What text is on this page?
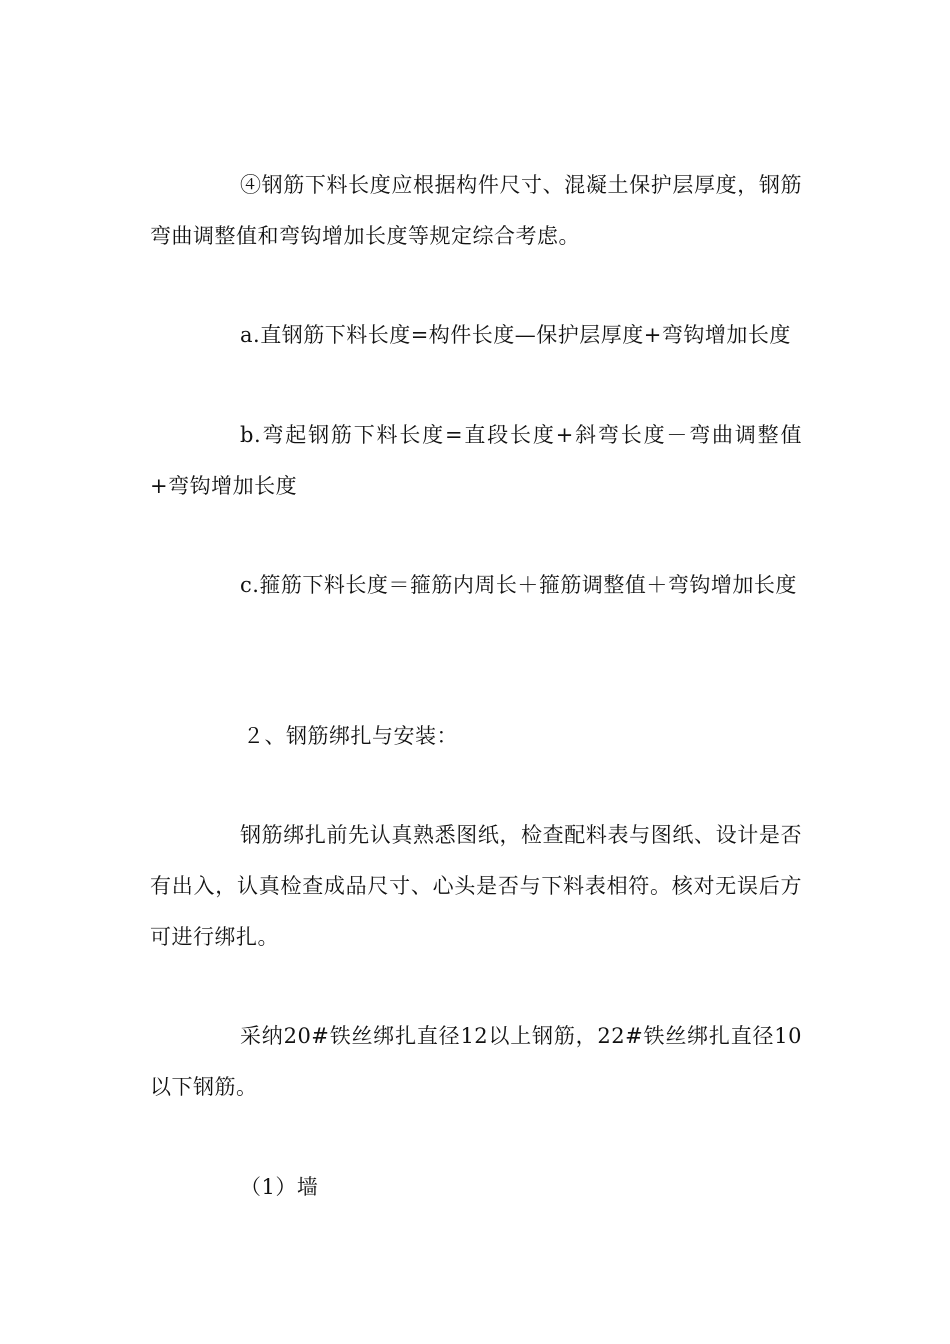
④钢筋下料长度应根据构件尺寸、混凝土保护层厚度，钢筋弯曲调整值和弯钩增加长度等规定综合考虑。

a.直钢筋下料长度=构件长度—保护层厚度+弯钩增加长度

b.弯起钢筋下料长度=直段长度+斜弯长度－弯曲调整值+弯钩增加长度

c.箍筋下料长度＝箍筋内周长＋箍筋调整值＋弯钩增加长度

２、钢筋绑扎与安装：

钢筋绑扎前先认真熟悉图纸，检查配料表与图纸、设计是否有出入，认真检查成品尺寸、心头是否与下料表相符。核对无误后方可进行绑扎。

采纳20#铁丝绑扎直径12以上钢筋，22#铁丝绑扎直径10以下钢筋。

（1）墙
